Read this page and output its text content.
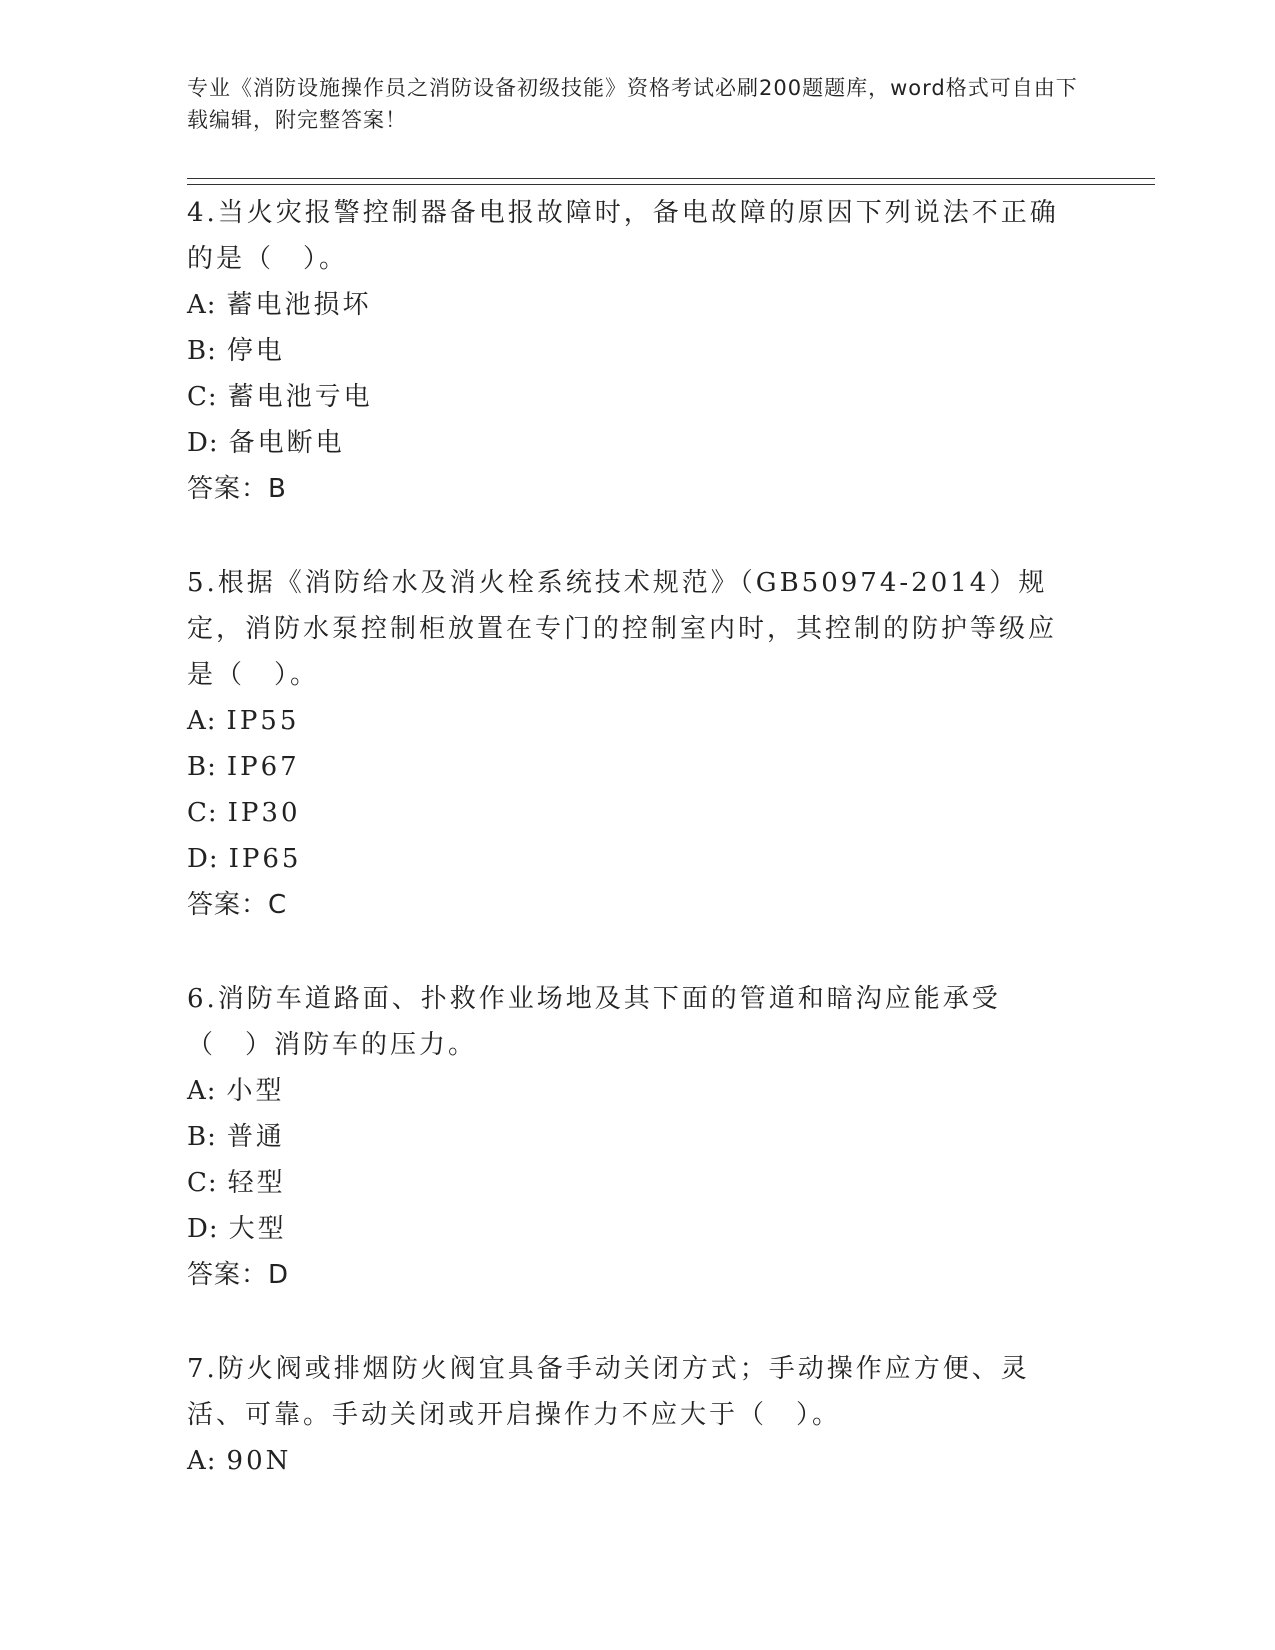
专业《消防设施操作员之消防设备初级技能》资格考试必刷200题题库，word格式可自由下载编辑，附完整答案！

4.当火灾报警控制器备电报故障时，备电故障的原因下列说法不正确的是（　）。

A: 蓄电池损坏

B: 停电

C: 蓄电池亏电

D: 备电断电

答案：B

5.根据《消防给水及消火栓系统技术规范》（GB50974-2014）规定，消防水泵控制柜放置在专门的控制室内时，其控制的防护等级应是（　）。

A: IP55

B: IP67

C: IP30

D: IP65

答案：C

6.消防车道路面、扑救作业场地及其下面的管道和暗沟应能承受（　）消防车的压力。

A: 小型

B: 普通

C: 轻型

D: 大型

答案：D

7.防火阀或排烟防火阀宜具备手动关闭方式；手动操作应方便、灵活、可靠。手动关闭或开启操作力不应大于（　）。

A: 90N
